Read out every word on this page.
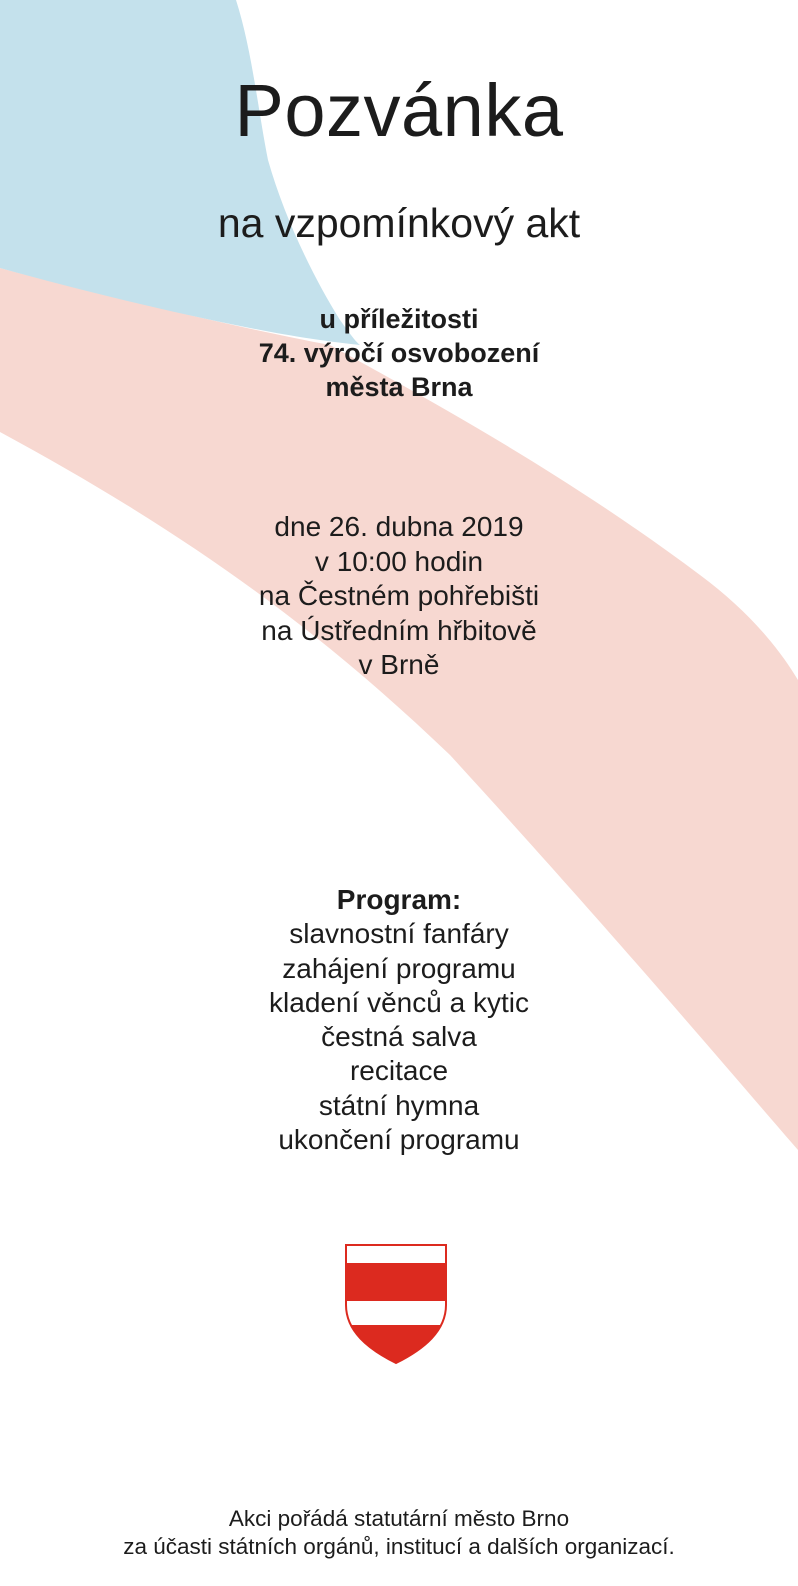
Pozvánka
na vzpomínkový akt
u příležitosti
74. výročí osvobození
města Brna
dne 26. dubna 2019
v 10:00 hodin
na Čestném pohřebišti
na Ústředním hřbitově
v Brně
Program:
slavnostní fanfáry
zahájení programu
kladení věnců a kytic
čestná salva
recitace
státní hymna
ukončení programu
Akci pořádá statutární město Brno
za účasti státních orgánů, institucí a dalších organizací.
